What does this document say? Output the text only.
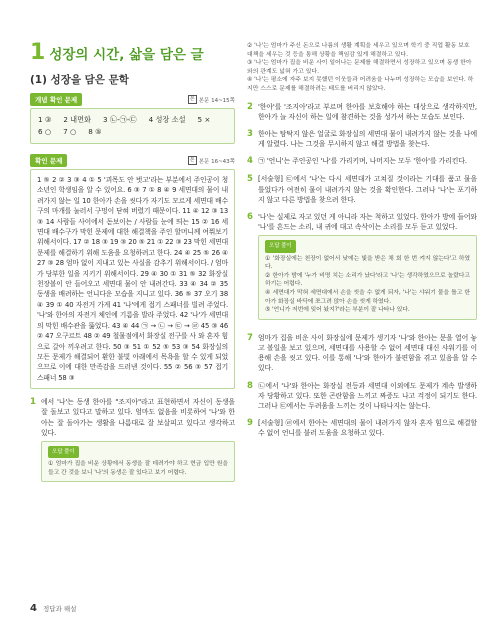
1 성장의 시간, 삶을 담은 글
(1) 성장을 담은 문학
개념 확인 문제	본 본문 14~15쪽
1 ③ 2 내면화 3 ㉡-㉠-㉢ 4 성장 소설 5 ×
6 ○ 7 ○ 8 ⑤
확인 문제	본 본문 16~43쪽
1 ⑤ 2 ② 3 ③ 4 ① 5 '괴목도 안 벗고'라는 부분에서 주인공이 청소년인 학생임을 알 수 있어요. 6 ③ 7 ① 8 ④ 9 세면대의 물이 내려가지 않는 일 10 한아가 손을 씻다가 자기도 모르게 세면대 배수구의 마개를 눌러서 구멍이 닫혀 버렸기 때문이다. 11 ④ 12 ③ 13 ③ 14 사람들 사이에서 돋보이는 / 사람들 눈에 띄는 15 ② 16 세면대 배수구가 막힌 문제에 대한 해결책을 주인 할머니께 여쭤보기 위해서이다. 17 ② 18 ③ 19 ③ 20 ⑤ 21 ① 22 ③ 23 막힌 세면대 문제를 해결하기 위해 도움을 요청하려고 한다. 24 ④ 25 ⑤ 26 ④ 27 ③ 28 엄마 없이 지내고 있는 사실을 감추기 위해서이다. / 엄마가 당부한 일을 지키기 위해서이다. 29 ④ 30 ① 31 ⑤ 32 화장실 천장볼이 안 들어오고 세면대 물이 안 내려간다. 33 ④ 34 ② 35 동생을 배려하는 언니다운 모습을 지니고 있다. 36 ⑤ 37 오기 38 ④ 39 ① 40 자전거 가게 41 '나'에게 접기 스패너를 빌려 주었다. '나'와 한아의 자전거 체인에 기름을 발라 주었다. 42 '나'가 세면대의 막힌 배수관을 뚫었다. 43 ④ 44 ㉠ → ㉡ → ㉢ → ㉣ 45 ③ 46 ② 47 오구르트 48 ② 49 철물점에서 화장실 전구를 사 와 혼자 힘으로 갈아 끼우려고 한다. 50 ③ 51 ① 52 ⑤ 53 ③ 54 화장실의 모든 문제가 해결되어 환한 불빛 아래에서 목욕을 할 수 있게 되었으므로 이에 대한 만족감을 드러낸 것이다. 55 ② 56 ③ 57 접기 스패너 58 ③
1 에서 '나'는 동생 한아를 "조지아"라고 표현하면서 자신이 동생을 잘 돌보고 있다고 말하고 있다. 엄마도 없음을 비롯하여 '나'와 한아는 잘 돌아가는 생활을 나름대로 잘 보살피고 있다고 생각하고 있다.
오답 풀이
① 엄마가 집을 비운 상황에서 동생을 잘 데려가야 하고 현금 입만 원을 들고 간 것을 보니 '나'의 동생은 잘 있다고 보기 어렵다.
② '나'는 엄마가 주신 돈으로 나름의 생활 계획을 세우고 있으며 학기 중 직업 활동 보호 대책을 세우는 것 등을 통해 상황을 책임감 있게 해결하고 있다.
③ '나'는 엄마가 집을 비운 사이 일어나는 문제를 해결하면서 성장하고 있으며 동생 한아와의 관계도 넓혀 가고 있다.
④ '나'는 평소에 자주 보지 못했던 이웃들과 어려움을 나누며 성장하는 모습을 보인다. 하지만 스스로 문제를 해결하려는 태도를 버리지 않았다.
2 '한아'를 '조지아'라고 부르며 한아를 보호해야 하는 대상으로 생각하지만, 한아가 늘 자신이 하는 일에 참견하는 것을 성가셔 하는 모습도 보인다.
3 한아는 탐탁지 않은 얼굴로 화장실의 세면대 물이 내려가지 않는 것을 나에게 알렸다. 나는 그것을 무시하지 않고 해결 방법을 찾는다.
4 ㉠ '언니'는 주인공인 '나'를 가리키며, 나머지는 모두 '한아'를 가리킨다.
5 [서술형] ㉢에서 '나'는 다시 세면대가 고쳐질 것이라는 기대를 품고 물을 틀었다가 여전히 물이 내려가지 않는 것을 확인한다. 그러나 '나'는 포기하지 않고 다른 방법을 찾으려 한다.
6 '나'는 실제로 자고 있던 게 아니라 자는 척하고 있었다. 한아가 방에 들어와 '나'를 흔드는 소리, 내 귀에 대고 속삭이는 소리를 모두 듣고 있었다.
오답 풀이
① '화장실에는 천장이 없어서 낮에는 빛을 받은 채 회 한 번 켜지 않는다'고 하였다.
② 한아가 밤에 '누가 비명 치는 소리가 났다'라고 '나'는 생각하였으므로 놀랐다고 하기는 어렵다.
④ 세면대가 막혀 세면대에서 손을 씻을 수 없게 되자, '나'는 샤워기 물을 틀고 한아가 화장실 바닥에 쪼그려 앉아 손을 씻게 하였다.
⑤ '언니가 저번에 잊어 놨지?'라는 부분이 잘 나타나 있다.
7 엄마가 집을 비운 사이 화장실에 문제가 생기자 '나'와 한아는 문을 열어 놓고 볼일을 보고 있으며, 세면대를 사용할 수 없어 세면대 대신 샤워기를 이용해 손을 씻고 있다. 이를 통해 '나'와 한아가 불편함을 겪고 있음을 알 수 있다.
8 ㉡에서 '나'와 한아는 화장실 전등과 세면대 이외에도 문제가 계속 발생하자 당황하고 있다. 또한 곤란함을 느끼고 짜증도 나고 걱정이 되기도 한다. 그러나 ㉢에서는 두려움을 느끼는 것이 나타나지는 않는다.
9 [서술형] ㉣에서 한아는 세면대의 물이 내려가지 않자 혼자 힘으로 해결할 수 없어 언니를 불러 도움을 요청하고 있다.
4 정답과 해설
